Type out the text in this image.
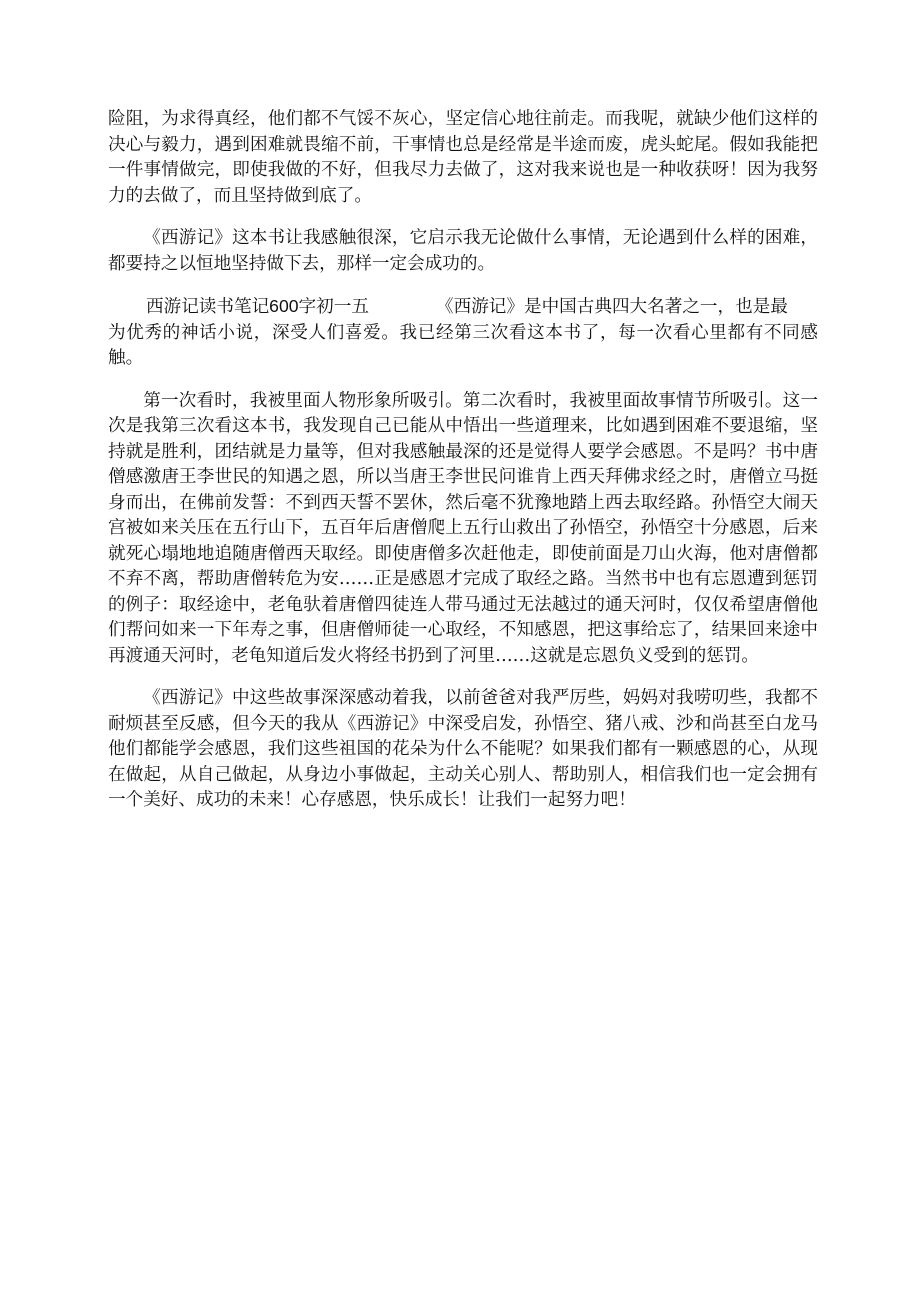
险阻，为求得真经，他们都不气馁不灰心，坚定信心地往前走。而我呢，就缺少他们这样的决心与毅力，遇到困难就畏缩不前，干事情也总是经常是半途而废，虎头蛇尾。假如我能把一件事情做完，即使我做的不好，但我尽力去做了，这对我来说也是一种收获呀！因为我努力的去做了，而且坚持做到底了。

《西游记》这本书让我感触很深，它启示我无论做什么事情，无论遇到什么样的困难，都要持之以恒地坚持做下去，那样一定会成功的。

西游记读书笔记600字初一五	《西游记》是中国古典四大名著之一，也是最

为优秀的神话小说，深受人们喜爱。我已经第三次看这本书了，每一次看心里都有不同感触。

第一次看时，我被里面人物形象所吸引。第二次看时，我被里面故事情节所吸引。这一次是我第三次看这本书，我发现自己已能从中悟出一些道理来，比如遇到困难不要退缩，坚持就是胜利，团结就是力量等，但对我感触最深的还是觉得人要学会感恩。不是吗？书中唐僧感激唐王李世民的知遇之恩，所以当唐王李世民问谁肯上西天拜佛求经之时，唐僧立马挺身而出，在佛前发誓：不到西天誓不罢休，然后毫不犹豫地踏上西去取经路。孙悟空大闹天宫被如来关压在五行山下，五百年后唐僧爬上五行山救出了孙悟空，孙悟空十分感恩，后来就死心塌地地追随唐僧西天取经。即使唐僧多次赶他走，即使前面是刀山火海，他对唐僧都不弃不离，帮助唐僧转危为安……正是感恩才完成了取经之路。当然书中也有忘恩遭到惩罚的例子：取经途中，老龟驮着唐僧四徒连人带马通过无法越过的通天河时，仅仅希望唐僧他们帮问如来一下年寿之事，但唐僧师徒一心取经，不知感恩，把这事给忘了，结果回来途中再渡通天河时，老龟知道后发火将经书扔到了河里……这就是忘恩负义受到的惩罚。

《西游记》中这些故事深深感动着我，以前爸爸对我严厉些，妈妈对我唠叨些，我都不耐烦甚至反感，但今天的我从《西游记》中深受启发，孙悟空、猪八戒、沙和尚甚至白龙马他们都能学会感恩，我们这些祖国的花朵为什么不能呢？如果我们都有一颗感恩的心，从现在做起，从自己做起，从身边小事做起，主动关心别人、帮助别人，相信我们也一定会拥有一个美好、成功的未来！心存感恩，快乐成长！让我们一起努力吧！
